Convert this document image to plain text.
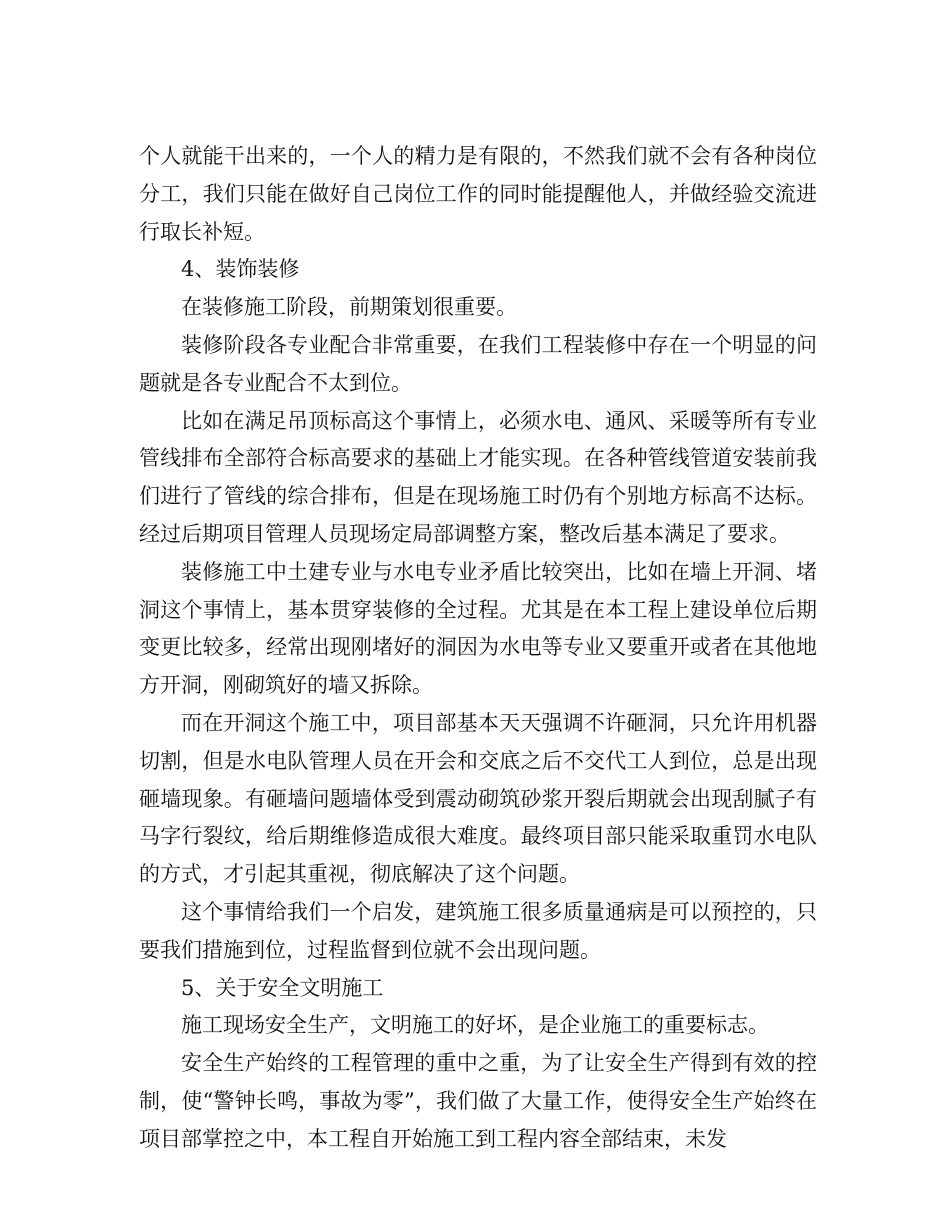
个人就能干出来的，一个人的精力是有限的，不然我们就不会有各种岗位分工，我们只能在做好自己岗位工作的同时能提醒他人，并做经验交流进行取长补短。

4、装饰装修

在装修施工阶段，前期策划很重要。

装修阶段各专业配合非常重要，在我们工程装修中存在一个明显的问题就是各专业配合不太到位。

比如在满足吊顶标高这个事情上，必须水电、通风、采暖等所有专业管线排布全部符合标高要求的基础上才能实现。在各种管线管道安装前我们进行了管线的综合排布，但是在现场施工时仍有个别地方标高不达标。经过后期项目管理人员现场定局部调整方案，整改后基本满足了要求。

装修施工中土建专业与水电专业矛盾比较突出，比如在墙上开洞、堵洞这个事情上，基本贯穿装修的全过程。尤其是在本工程上建设单位后期变更比较多，经常出现刚堵好的洞因为水电等专业又要重开或者在其他地方开洞，刚砌筑好的墙又拆除。

而在开洞这个施工中，项目部基本天天强调不许砸洞，只允许用机器切割，但是水电队管理人员在开会和交底之后不交代工人到位，总是出现砸墙现象。有砸墙问题墙体受到震动砌筑砂浆开裂后期就会出现刮腻子有马字行裂纹，给后期维修造成很大难度。最终项目部只能采取重罚水电队的方式，才引起其重视，彻底解决了这个问题。

这个事情给我们一个启发，建筑施工很多质量通病是可以预控的，只要我们措施到位，过程监督到位就不会出现问题。

5、关于安全文明施工

施工现场安全生产，文明施工的好坏，是企业施工的重要标志。

安全生产始终的工程管理的重中之重，为了让安全生产得到有效的控制，使“警钟长鸣，事故为零”，我们做了大量工作，使得安全生产始终在项目部掌控之中，本工程自开始施工到工程内容全部结束，未发
